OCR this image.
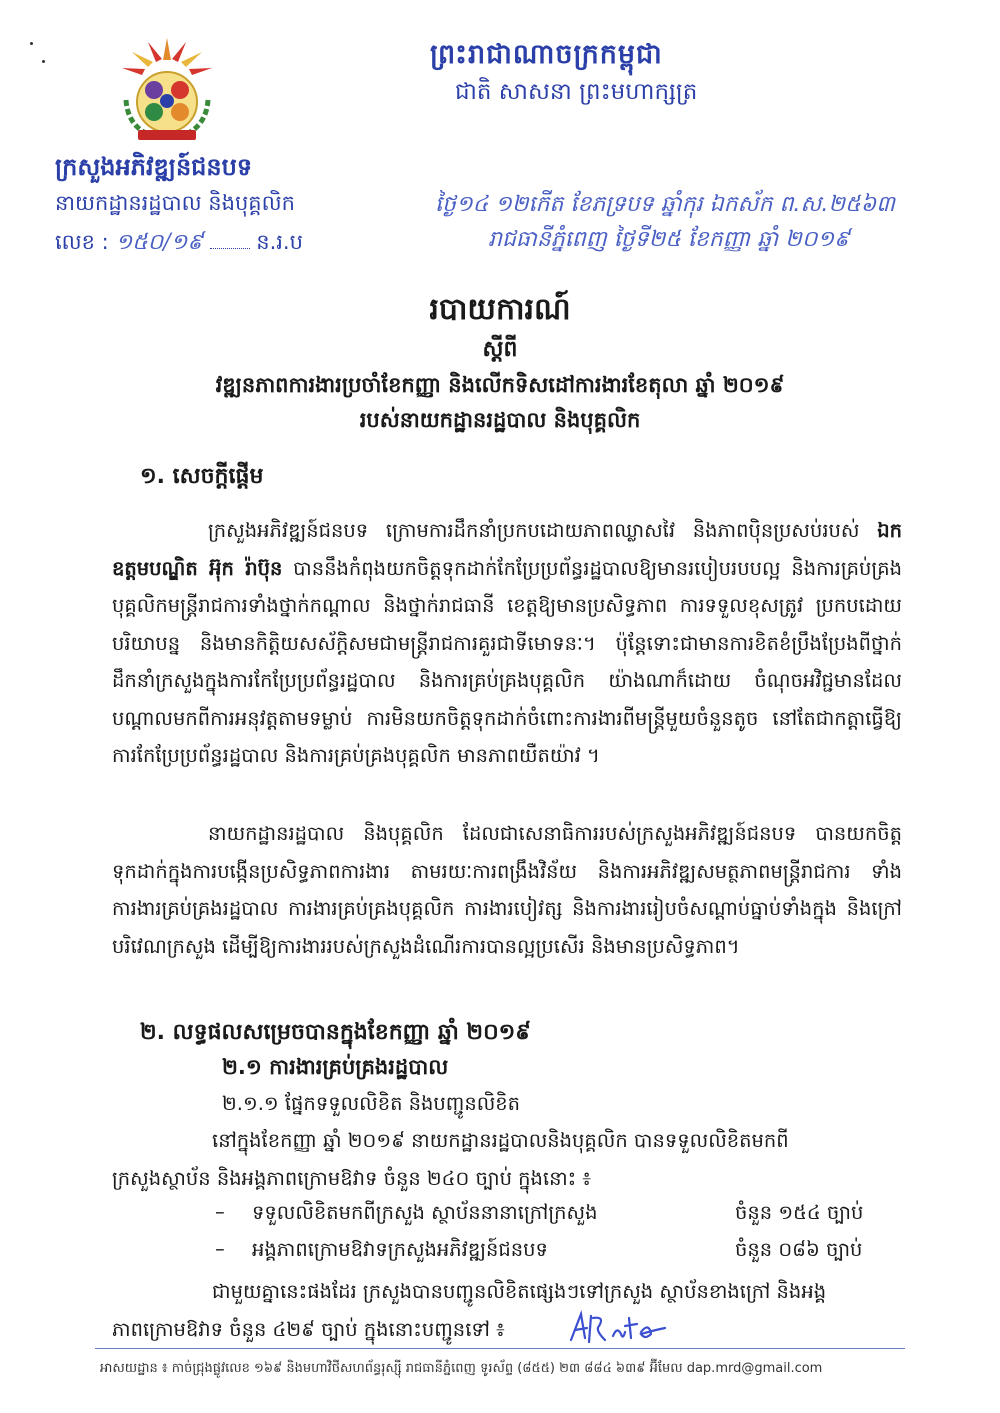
ព្រះរាជាណាចក្រកម្ពុជា
ជាតិ សាសនា ព្រះមហាក្សត្រ
ក្រសួងអភិវឌ្ឍន៍ជនបទ
នាយកដ្ឋានរដ្ឋបាល និងបុគ្គលិក
លេខ : ១៥០/១៩	ន.រ.ប
ថ្ងៃ១៤ ១២កើត ខែភទ្របទ ឆ្នាំកុរ ឯកស័ក ព.ស.២៥៦៣
រាជធានីភ្នំពេញ ថ្ងៃទី២៥ ខែកញ្ញា ឆ្នាំ ២០១៩
របាយការណ៍
ស្ដីពី
វឌ្ឍនភាពការងារប្រចាំខែកញ្ញា និងលើកទិសដៅការងារខែតុលា ឆ្នាំ ២០១៩
របស់នាយកដ្ឋានរដ្ឋបាល និងបុគ្គលិក
១. សេចក្ដីផ្ដើម
ក្រសួងអភិវឌ្ឍន៍ជនបទ ក្រោមការដឹកនាំប្រកបដោយភាពឈ្លាសវៃ និងភាពប៉ិនប្រសប់របស់ ឯកឧត្តមបណ្ឌិត អ៊ុក រ៉ាប៊ុន បាននឹងកំពុងយកចិត្តទុកដាក់កែប្រែប្រព័ន្ធរដ្ឋបាលឱ្យមានរបៀបរបបល្អ និងការគ្រប់គ្រងបុគ្គលិកមន្ត្រីរាជការទាំងថ្នាក់កណ្ដាល និងថ្នាក់រាជធានី ខេត្តឱ្យមានប្រសិទ្ធភាព ការទទួលខុសត្រូវ ប្រកបដោយបរិយាបន្ន និងមានកិត្តិយសស័ក្តិសមជាមន្ត្រីរាជការគួរជាទីមោទនៈ។ ប៉ុន្តែទោះជាមានការខិតខំប្រឹងប្រែងពីថ្នាក់ដឹកនាំក្រសួងក្នុងការកែប្រែប្រព័ន្ធរដ្ឋបាល និងការគ្រប់គ្រងបុគ្គលិក យ៉ាងណាក៏ដោយ ចំណុចអវិជ្ជមានដែលបណ្ដាលមកពីការអនុវត្តតាមទម្លាប់ ការមិនយកចិត្តទុកដាក់ចំពោះការងារពីមន្ត្រីមួយចំនួនតូច នៅតែជាកត្តាធ្វើឱ្យការកែប្រែប្រព័ន្ធរដ្ឋបាល និងការគ្រប់គ្រងបុគ្គលិក មានភាពយឺតយ៉ាវ ។
នាយកដ្ឋានរដ្ឋបាល និងបុគ្គលិក ដែលជាសេនាធិការរបស់ក្រសួងអភិវឌ្ឍន៍ជនបទ បានយកចិត្តទុកដាក់ក្នុងការបង្កើនប្រសិទ្ធភាពការងារ តាមរយៈការពង្រឹងវិន័យ និងការអភិវឌ្ឍសមត្ថភាពមន្ត្រីរាជការ ទាំងការងារគ្រប់គ្រងរដ្ឋបាល ការងារគ្រប់គ្រងបុគ្គលិក ការងារបៀវត្ស និងការងាររៀបចំសណ្ដាប់ធ្នាប់ទាំងក្នុង និងក្រៅបរិវេណក្រសួង ដើម្បីឱ្យការងាររបស់ក្រសួងដំណើរការបានល្អប្រសើរ និងមានប្រសិទ្ធភាព។
២. លទ្ធផលសម្រេចបានក្នុងខែកញ្ញា ឆ្នាំ ២០១៩
២.១ ការងារគ្រប់គ្រងរដ្ឋបាល
២.១.១ ផ្នែកទទួលលិខិត និងបញ្ជូនលិខិត
នៅក្នុងខែកញ្ញា ឆ្នាំ ២០១៩ នាយកដ្ឋានរដ្ឋបាលនិងបុគ្គលិក បានទទួលលិខិតមកពី
ក្រសួងស្ថាប័ន និងអង្គភាពក្រោមឱវាទ ចំនួន ២៤០ ច្បាប់ ក្នុងនោះ ៖
– ទទួលលិខិតមកពីក្រសួង ស្ថាប័ននានាក្រៅក្រសួង	ចំនួន ១៥៤ ច្បាប់
– អង្គភាពក្រោមឱវាទក្រសួងអភិវឌ្ឍន៍ជនបទ	ចំនួន ០៨៦ ច្បាប់
ជាមួយគ្នានេះផងដែរ ក្រសួងបានបញ្ជូនលិខិតផ្សេងៗទៅក្រសួង ស្ថាប័នខាងក្រៅ និងអង្គ
ភាពក្រោមឱវាទ ចំនួន ៤២៩ ច្បាប់ ក្នុងនោះបញ្ជូនទៅ ៖
អាសយដ្ឋាន ៖ កាច់ជ្រុងផ្លូវលេខ ១៦៩ និងមហាវិថីសហព័ន្ធរុស្ស៊ី រាជធានីភ្នំពេញ ទូរស័ព្ទ (៨៥៥) ២៣ ៨៨៤ ៦៣៩ អ៊ីមែល dap.mrd@gmail.com
